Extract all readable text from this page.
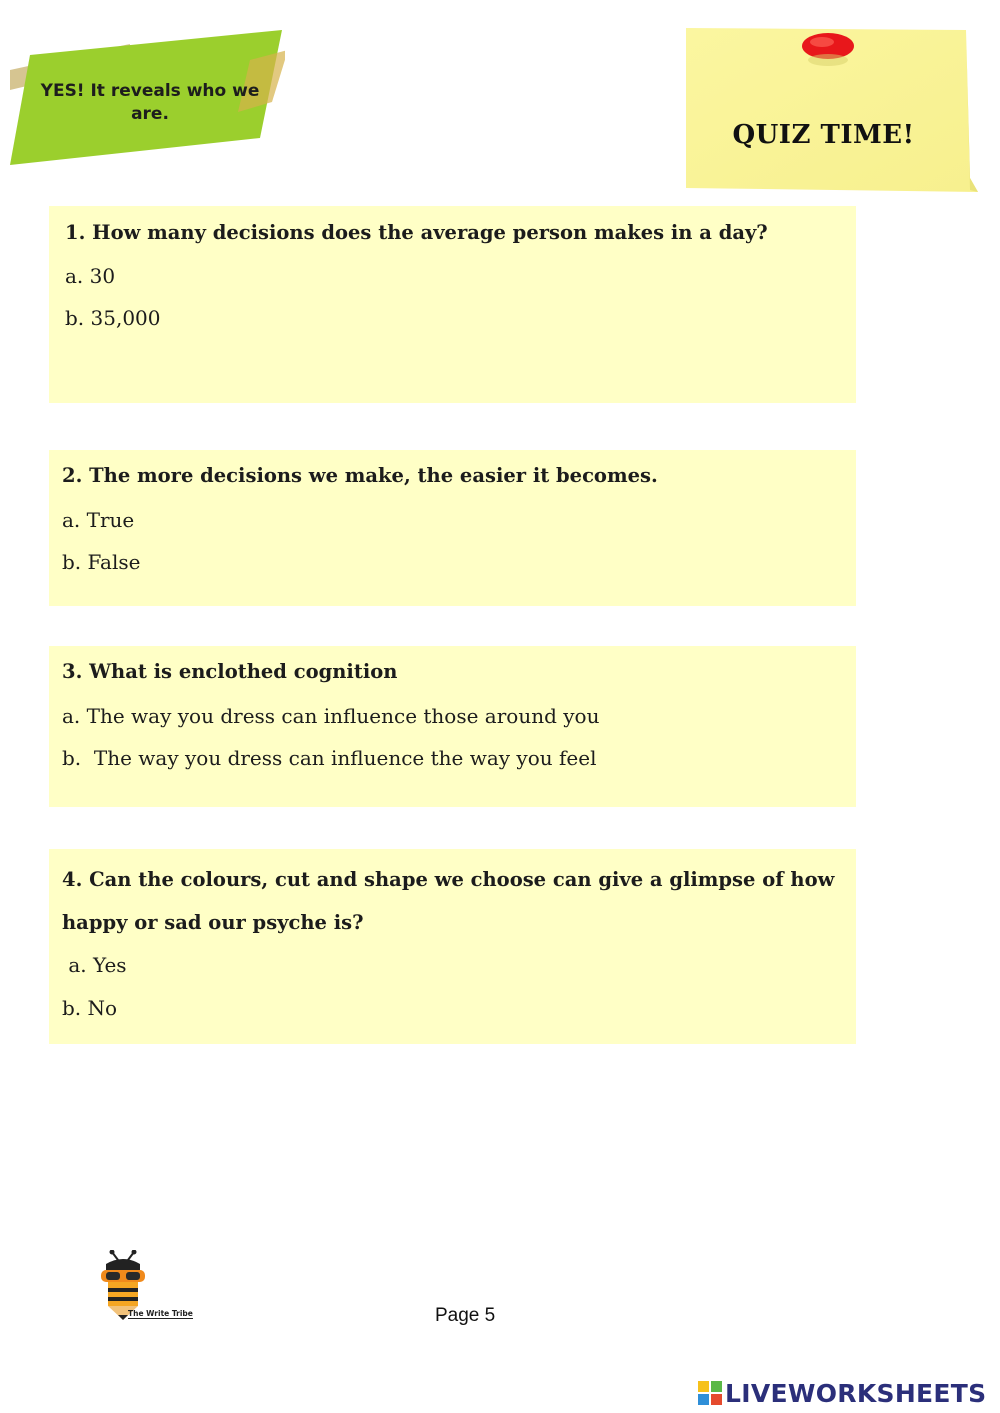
YES! It reveals who we are.
QUIZ TIME!

1. How many decisions does the average person makes in a day?

a. 30

b. 35,000

2. The more decisions we make, the easier it becomes.

a. True

b. False

3. What is enclothed cognition

a. The way you dress can influence those around you

b.  The way you dress can influence the way you feel

4. Can the colours, cut and shape we choose can give a glimpse of how happy or sad our psyche is?

a. Yes

b. No

The Write Tribe	Page 5
LIVEWORKSHEETS
